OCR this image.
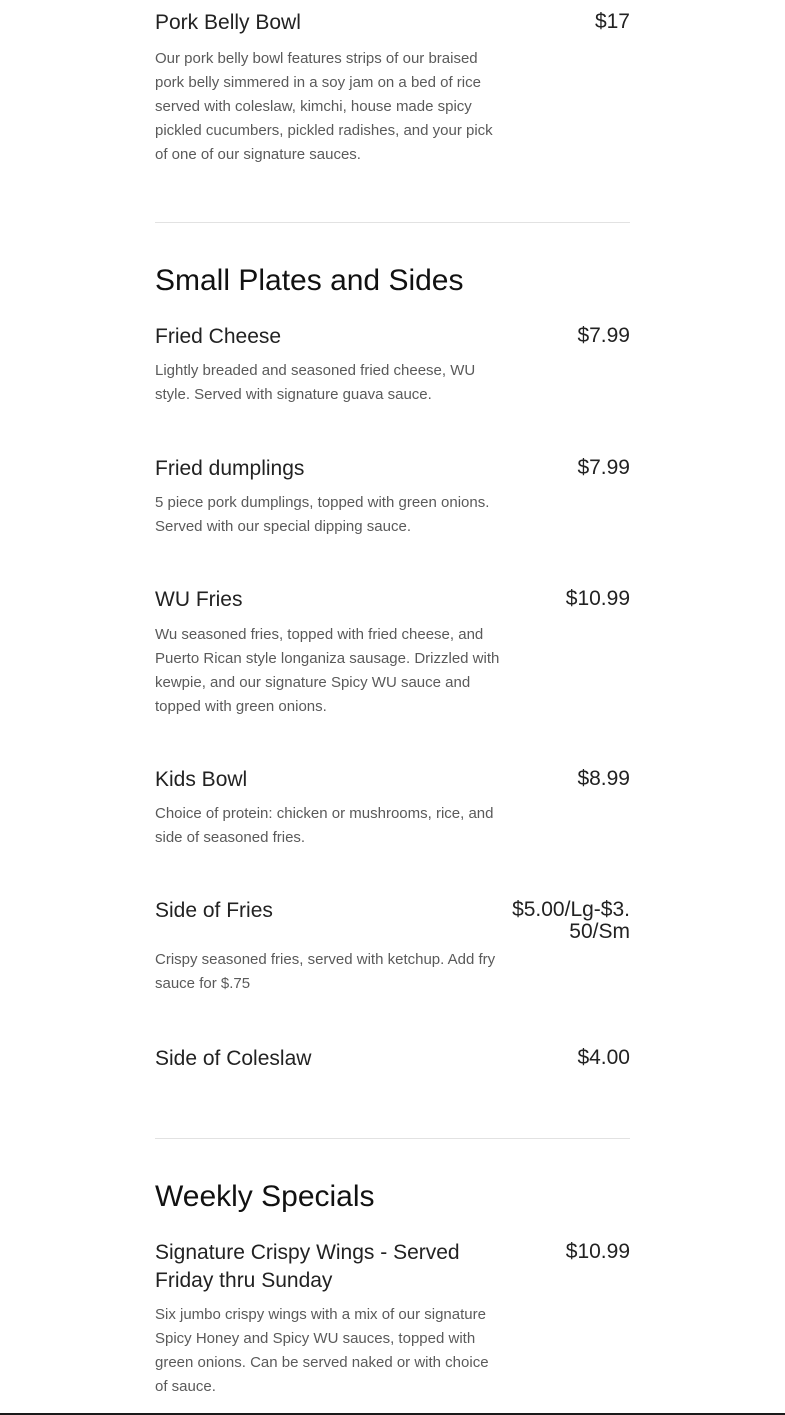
Pork Belly Bowl
Our pork belly bowl features strips of our braised pork belly simmered in a soy jam on a bed of rice served with coleslaw, kimchi, house made spicy pickled cucumbers, pickled radishes, and your pick of one of our signature sauces.
$17
Small Plates and Sides
Fried Cheese
Lightly breaded and seasoned fried cheese, WU style. Served with signature guava sauce.
$7.99
Fried dumplings
5 piece pork dumplings, topped with green onions. Served with our special dipping sauce.
$7.99
WU Fries
Wu seasoned fries, topped with fried cheese, and Puerto Rican style longaniza sausage. Drizzled with kewpie, and our signature Spicy WU sauce and topped with green onions.
$10.99
Kids Bowl
Choice of protein: chicken or mushrooms, rice, and side of seasoned fries.
$8.99
Side of Fries
Crispy seasoned fries, served with ketchup. Add fry sauce for $.75
$5.00/Lg-$3.50/Sm
Side of Coleslaw	$4.00
Weekly Specials
Signature Crispy Wings - Served Friday thru Sunday
Six jumbo crispy wings with a mix of our signature Spicy Honey and Spicy WU sauces, topped with green onions. Can be served naked or with choice of sauce.
$10.99
